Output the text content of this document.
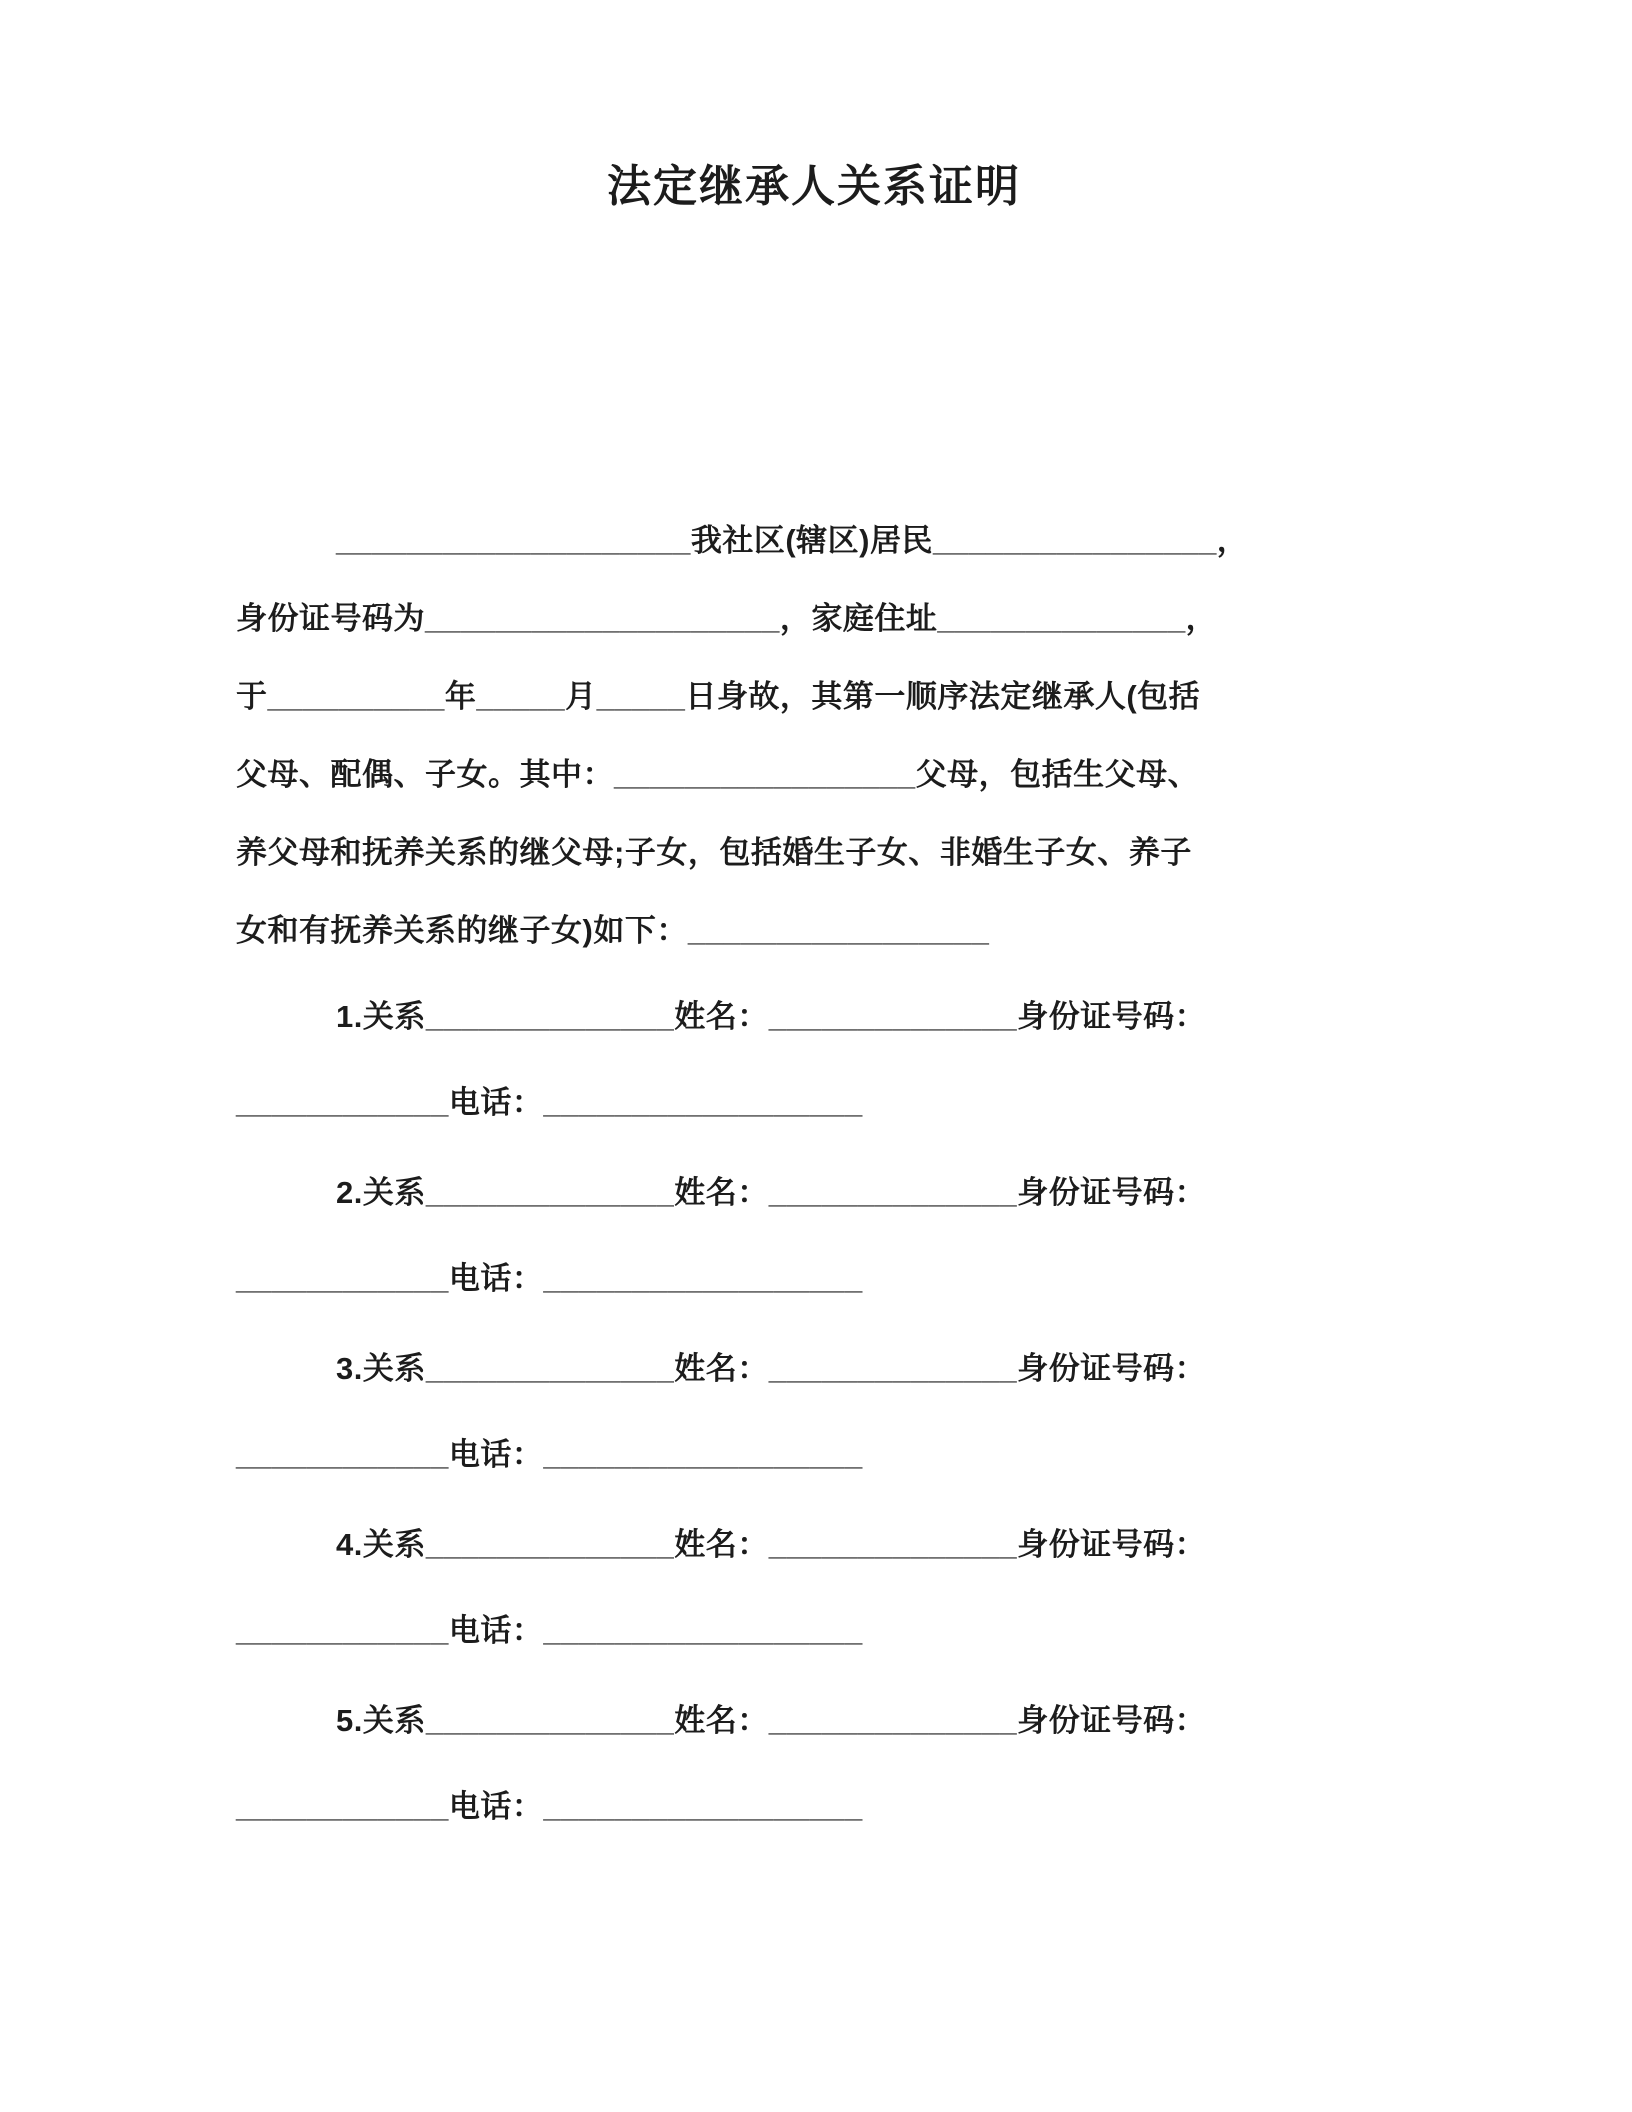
法定继承人关系证明
____________________我社区(辖区)居民________________，
身份证号码为____________________，家庭住址______________，
于__________年_____月_____日身故，其第一顺序法定继承人(包括
父母、配偶、子女。其中：_________________父母，包括生父母、
养父母和抚养关系的继父母;子女，包括婚生子女、非婚生子女、养子
女和有抚养关系的继子女)如下：_________________
1.关系______________姓名：______________身份证号码：
____________电话：__________________
2.关系______________姓名：______________身份证号码：
____________电话：__________________
3.关系______________姓名：______________身份证号码：
____________电话：__________________
4.关系______________姓名：______________身份证号码：
____________电话：__________________
5.关系______________姓名：______________身份证号码：
____________电话：__________________
